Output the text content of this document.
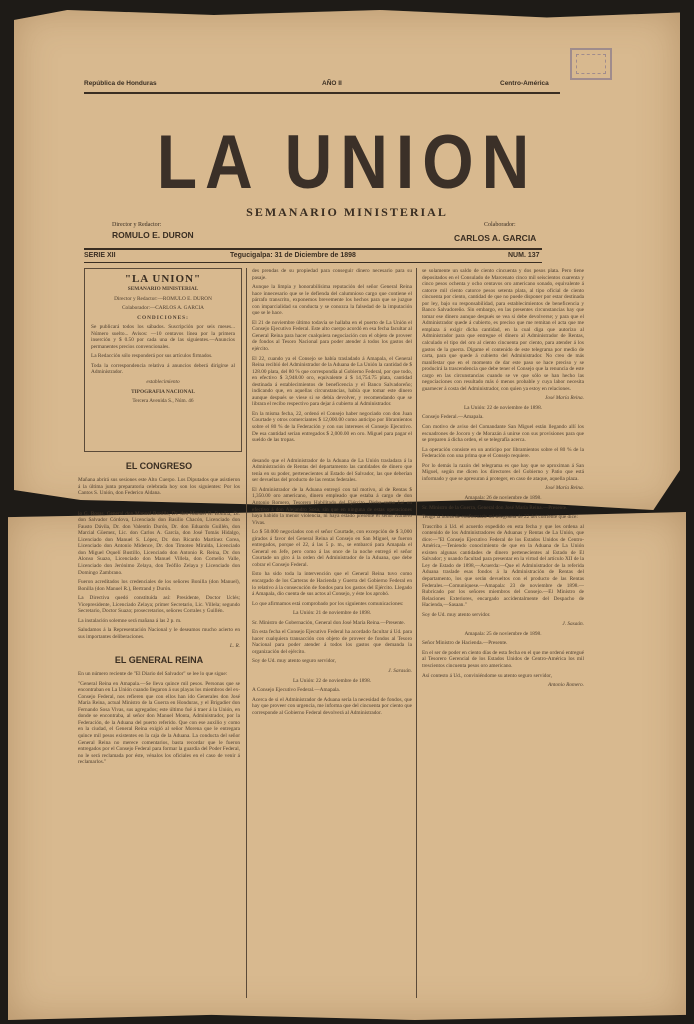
República de Honduras	AÑO II	Centro-América
LA UNION
SEMANARIO MINISTERIAL
Director y Redactor:
ROMULO E. DURON
Colaborador:
CARLOS A. GARCIA
SERIE XII	Tegucigalpa: 31 de Diciembre de 1898	NUM. 137
"LA UNION"

SEMANARIO MINISTERIAL

Director y Redactor:—ROMULO E. DURON

Colaborador:—CARLOS A. GARCIA

CONDICIONES:

Se publicará todos los sábados. Suscripción por seis meses... Número suelto... Avisos: —10 centavos línea por la primera inserción y $ 0.50 por cada una de las siguientes.—Anuncios permanentes precios convencionales.

La Redacción sólo responderá por sus artículos firmados.

Toda la correspondencia relativa á anuncios deberá dirigirse al Administrador.

establecimiento

TIPOGRAFIA NACIONAL

Tercera Avenida S., Núm. 46

EL CONGRESO

Mañana abrirá sus sesiones este Alto Cuerpo. Los Diputados que asistieron á la última junta preparatoria celebrada hoy son los siguientes: Por los Cantos S. Unión, don Federico Aldana.

lo G. Rosas, General don Manuel Bonilla, Dr. don Manuel R. Bonilla, Dr. don Salvador Córdova, Licenciado don Basilio Chacón, Licenciado don Fausto Dávila, Dr. don Valentín Durón, Dr. don Eduardo Guillén, don Marcial Güemez, Lic. don Carlos A. García, don José Tomás Hidalgo, Licenciado don Manuel S. López, Dr. don Ricardo Martínez Corea, Licenciado don Antonio Midence, Dr. don Timoteo Miralda, Licenciado don Miguel Oquelí Bustillo, Licenciado don Antonio R. Reina, Dr. don Alonso Suazo, Licenciado don Manuel Villela, don Cornelio Valle, Licenciado don Jerónimo Zelaya, don Teófilo Zelaya y Licenciado don Domingo Zambrano.

Fueron acreditados los credenciales de los señores Bonilla (don Manuel), Bonilla (don Manuel R.), Bertrand y Durón.

La Directiva quedó constituída así: Presidente, Doctor Uclés; Vicepresidente, Licenciado Zelaya; primer Secretario, Lic. Villela; segundo Secretario, Doctor Suazo; prosecretarios, señores Corrales y Guillén.

La instalación solemne será mañana á las 2 p. m.

Saludamos á la Representación Nacional y le deseamos mucho acierto en sus importantes deliberaciones.

L. R.

EL GENERAL REINA

En un número reciente de "El Diario del Salvador" se lee lo que sigue:

"General Reina en Amapala.—Se lleva quince mil pesos. Personas que se encontraban en La Unión cuando llegaron á sus playas los miembros del ex-Consejo Federal, nos refieren que con ellos han ido Generales don José María Reina, actual Ministro de la Guerra en Honduras, y el Brigadier don Fernando Sosa Vivas, sus agregados; este último fué á traer á la Unión, en donde se encontraba, al señor don Manuel Monta, Administrador, por la Federación, de la Aduana del puerto referido. Que con ese auxilio y como en la ciudad, el General Reina exigió al señor Morena que le entregara quince mil pesos existentes en la caja de la Aduana. La conducta del señor General Reina no merece comentarios, basta recordar que le fueron entregados por el Consejo Federal para formar la guardia del Poder Federal, no le será reclamada por éste, vénalos los oficiales en el caso de venir á reclamarlos."

des prendas de su propiedad para conseguir dinero necesario para su pasaje.

Aunque la limpia y honorabilísima reputación del señor General Reina hace innecesario que se le defienda del calumnioso cargo que contiene el párrafo transcrito, exponemos brevemente los hechos para que se juzgue con imparcialidad su conducta y se conozca la falsedad de la imputación que se le hace.

El 21 de noviembre último todavía se hallaba en el puerto de La Unión el Consejo Ejecutivo Federal. Este alto cuerpo acordó en esa fecha facultar al General Reina para hacer cualquiera negociación con el objeto de proveer de fondos al Tesoro Nacional para poder atender á todos los gastos del ejército.

El 22, cuando ya el Consejo se había trasladado á Amapala, el General Reina recibió del Administrador de la Aduana de La Unión la cantidad de $ 128.00 plata, del 80 % que correspondía al Gobierno Federal, por que todo, en efectivo $ 3,948.00 oro, equivalente á $ 14,754.75 plata, cantidad destinada á establecimientos de beneficencia y el Banco Salvadoreño; indicando que, en aquellas circunstancias, había que tomar este dinero aunque después se viese si se debía devolver, y recomendando que se librara el recibo respectivo para dejar á cubierto al Administrador.

En la misma fecha, 22, ordenó el Consejo haber negociado con don Juan Courtade y otros comerciantes $ 12,000.00 como anticipo por libramientos sobre el 80 % de la Federación y con sus intereses el Consejo Ejecutivo. De esa cantidad serían entregados $ 2,000.00 en oro. Miguel para pagar el sueldo de las tropas.

desando que el Administrador de la Aduana de La Unión trasladara á la Administración de Rentas del departamento las cantidades de dinero que tenía en su poder, pertenecientes al Estado del Salvador, las que deberían ser devueltas del producto de las rentas federales.

El Administrador de la Aduana entregó con tal motivo, al de Rentas $ 1,350.00 oro americano, dinero empleado que estaba á cargo de don Antonio Romero, Tesorero Habilitado del Ejército. Dicha suma fué en efectivo á don Alejandro Sosa, sin que en ninguna de estas operaciones haya habido la menor violencia, ni haya estado presente el señor Romero Vivas.

Lo $ 50.000 negociados con el señor Courtade, con excepción de $ 3,000 girados á favor del General Reina al Consejo en San Miguel, se fueron entregados, porque el 22, á las 5 p. m., se embarcó para Amapala el General en Jefe, pero como á las once de la noche entregó el señor Courtade un giro á la orden del Administrador de la Aduana, que debe cobrar el Consejo Federal.

Esto ha sido toda la intervención que el General Reina tuvo como encargado de los Carteras de Hacienda y Guerra del Gobierno Federal en lo relativo á la consecución de fondos para los gastos del Ejército. Llegado á Amapala, dio cuenta de sus actos al Consejo, y éste los aprobó.

Lo que afirmamos está comprobado por los siguientes comunicaciones:

La Unión: 21 de noviembre de 1898.

Sr. Ministro de Gobernación, General don José María Reina.—Presente.

En esta fecha el Consejo Ejecutivo Federal ha acordado facultar á Ud. para hacer cualquiera transacción con objeto de proveer de fondos al Tesoro Nacional para poder atender á todos los gastos que demanda la organización del ejército.

Soy de Ud. muy atento seguro servidor,

J. Sarasán.

La Unión: 22 de noviembre de 1898.

A Consejo Ejecutivo Federal.—Amapala.

Acerca de si el Administrador de Aduana sería la necesidad de fondos, que hay que proveer con urgencia, me informa que del cincuenta por ciento que corresponde al Gobierno Federal devolverá al Administrador.

se solamente un saldo de ciento cincuenta y dos pesos plata. Pero tiene depositados en el Consulado de Marcenato cinco mil seiscientos cuarenta y cinco pesos ochenta y ocho centavos oro americano sonado, equivalente á catorce mil ciento catorce pesos setenta plata, al tipo oficial de ciento cincuenta por ciento, cantidad de que no puede disponer por estar destinada por ley, bajo su responsabilidad, para establecimientos de beneficencia y Banco Salvadoreño. Sin embargo, en las presentes circunstancias hay que tomar ese dinero aunque después se vea si debe devolverse; y para que el Administrador quede á cubierto, es preciso que me remitan el acta que me emplaza á exigir dicha cantidad, en la cual diga que autorizo al Administrador para que entregue el dinero al Administrador de Rentas, calculado el tipo del oro al ciento cincuenta por ciento, para atender á los gastos de la guerra. Dígame el contenido de este telegrama por medio de carta, para que quede á cubierto del Administrador. No creo de más manifestar que en el momento de dar este paso se hace preciso y se producirá la trascendencia que debe tener el Consejo que la renuncia de este cargo en las circunstancias cuando se ve que sólo se han hecho las negociaciones con resultado más ó menos probable y cuya labor necesita guarnecer á costa del Administrador, con quien ya estoy en relaciones.

José María Reina.

La Unión: 22 de noviembre de 1898.

Consejo Federal.—Amapala.

Con motivo de aviso del Comandante San Miguel están llegando allí los escuadrones de Jocoro y de Morazán á unirse con sus provisiones para que se preparen á dicha orden, el se telegrafía acerca.

La operación consiste en un anticipo por libramientos sobre el 80 % de la Federación con una prima que el Consejo requiere.

Por lo demás la razón del telegrama es que hay que se aproximan á San Miguel, según me dicen los directores del Gobierno y Patio que está informado y que se apresuran á proteger, en caso de ataque, aquella plaza.

José María Reina.

Amapala: 26 de noviembre de 1898.

Sr. Ministro de la Guerra, General don José María Reina.—Presente.

Tengo la honra de conformarle mi telegrama de 22 del corriente que dice:

Trascribo á Ud. el acuerdo expedido en esta fecha y que les ordena al contenido de los Administradores de Aduanas y Rentas de La Unión, que dice:—"El Consejo Ejecutivo Federal de los Estados Unidos de Centro-América,—Teniendo conocimiento de que en la Aduana de La Unión existen algunas cantidades de dinero pertenecientes al Estado de El Salvador; y usando facultad para presentar en la virtud del artículo XII de la Ley de Estado de 1898,—Acuerda:—Que el Administrador de la referida Aduana traslade esas fondos á la Administración de Rentas del departamento, los que serán devueltos con el producto de las Rentas Federales.—Comuníquese.—Amapala: 23 de noviembre de 1898.—Rubricado por los señores miembros del Consejo.—El Ministro de Relaciones Exteriores, encargado accidentalmente del Despacho de Hacienda,—Sasaan."

Soy de Ud. muy atento servidor.

J. Sasaán.

Amapala: 25 de noviembre de 1898.

Señor Ministro de Hacienda.—Presente.

En el ser de poder en ciento días de esta fecha en el que me ordenó entregué al Tesorero Gerencial de los Estados Unidos de Centro-América los mil trescientos cincuenta pesos oro americano.

Así contesto á Ud., conviniéndome su atento seguro servidor,

Antonio Romero.
